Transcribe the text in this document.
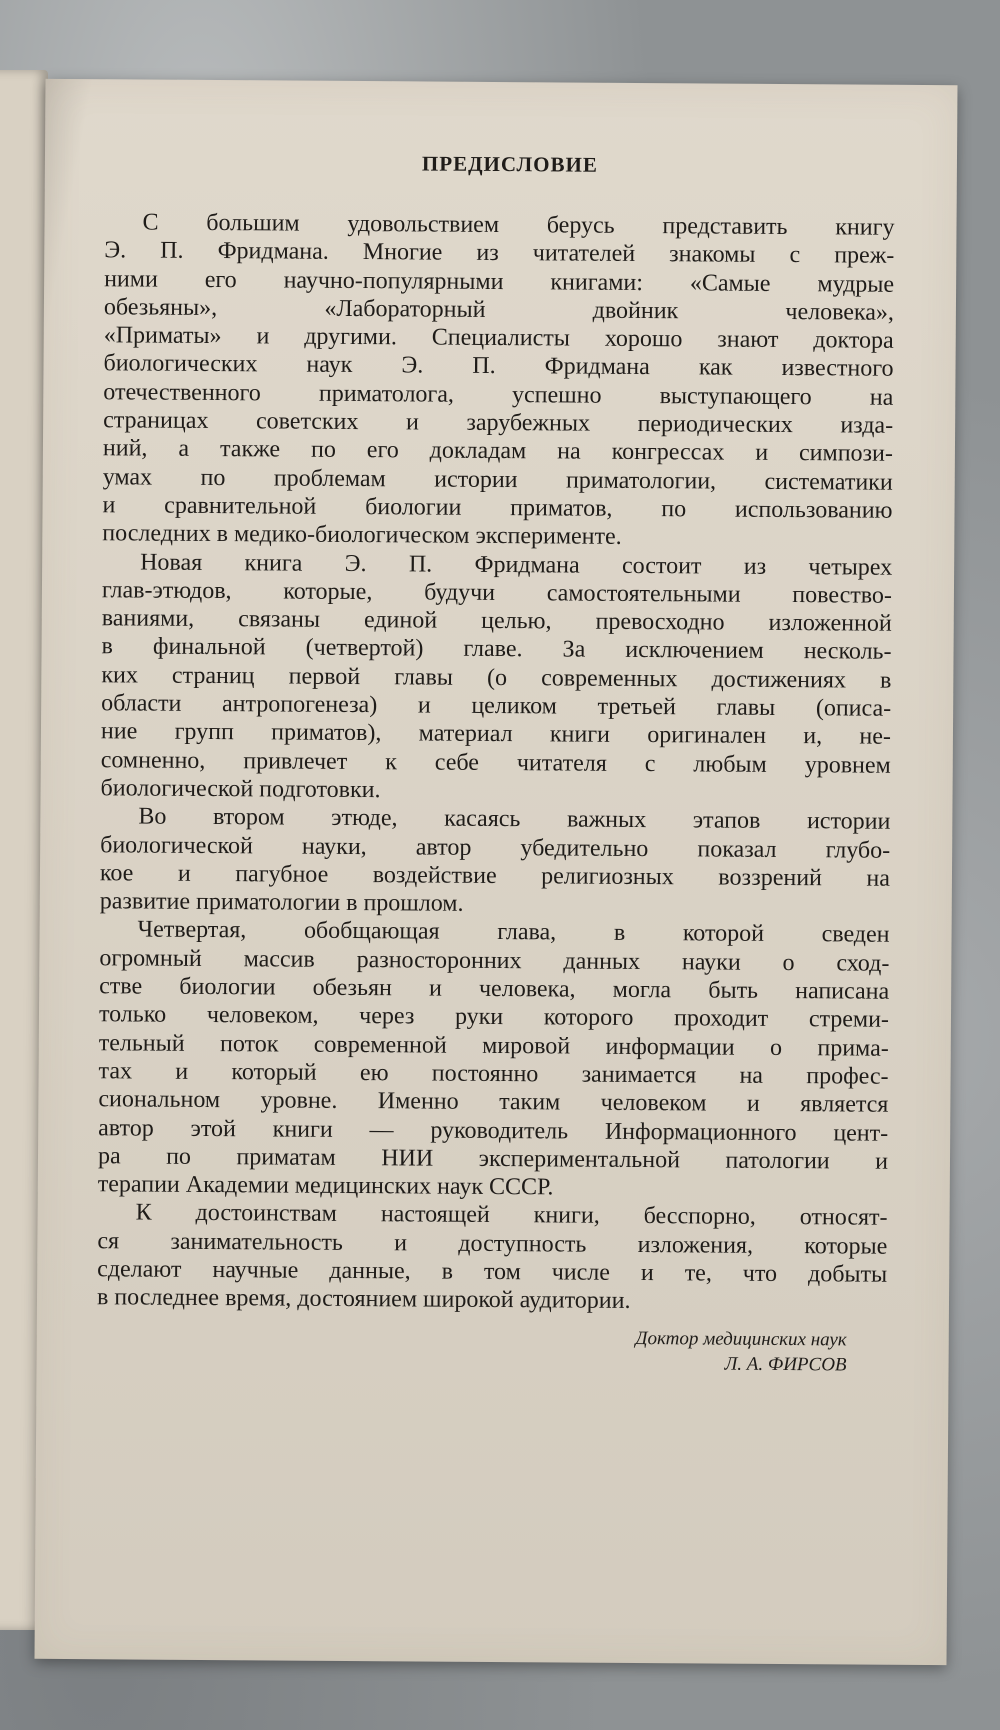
ПРЕДИСЛОВИЕ

С большим удовольствием берусь представить книгу
Э. П. Фридмана. Многие из читателей знакомы с преж-
ними его научно-популярными книгами: «Самые мудрые
обезьяны», «Лабораторный двойник человека»,
«Приматы» и другими. Специалисты хорошо знают доктора
биологических наук Э. П. Фридмана как известного
отечественного приматолога, успешно выступающего на
страницах советских и зарубежных периодических изда-
ний, а также по его докладам на конгрессах и симпози-
умах по проблемам истории приматологии, систематики
и сравнительной биологии приматов, по использованию
последних в медико-биологическом эксперименте.

Новая книга Э. П. Фридмана состоит из четырех
глав-этюдов, которые, будучи самостоятельными повество-
ваниями, связаны единой целью, превосходно изложенной
в финальной (четвертой) главе. За исключением несколь-
ких страниц первой главы (о современных достижениях в
области антропогенеза) и целиком третьей главы (описа-
ние групп приматов), материал книги оригинален и, не-
сомненно, привлечет к себе читателя с любым уровнем
биологической подготовки.

Во втором этюде, касаясь важных этапов истории
биологической науки, автор убедительно показал глубо-
кое и пагубное воздействие религиозных воззрений на
развитие приматологии в прошлом.

Четвертая, обобщающая глава, в которой сведен
огромный массив разносторонних данных науки о сход-
стве биологии обезьян и человека, могла быть написана
только человеком, через руки которого проходит стреми-
тельный поток современной мировой информации о прима-
тах и который ею постоянно занимается на профес-
сиональном уровне. Именно таким человеком и является
автор этой книги — руководитель Информационного цент-
ра по приматам НИИ экспериментальной патологии и
терапии Академии медицинских наук СССР.

К достоинствам настоящей книги, бесспорно, относят-
ся занимательность и доступность изложения, которые
сделают научные данные, в том числе и те, что добыты
в последнее время, достоянием широкой аудитории.

Доктор медицинских наук
Л. А. ФИРСОВ
